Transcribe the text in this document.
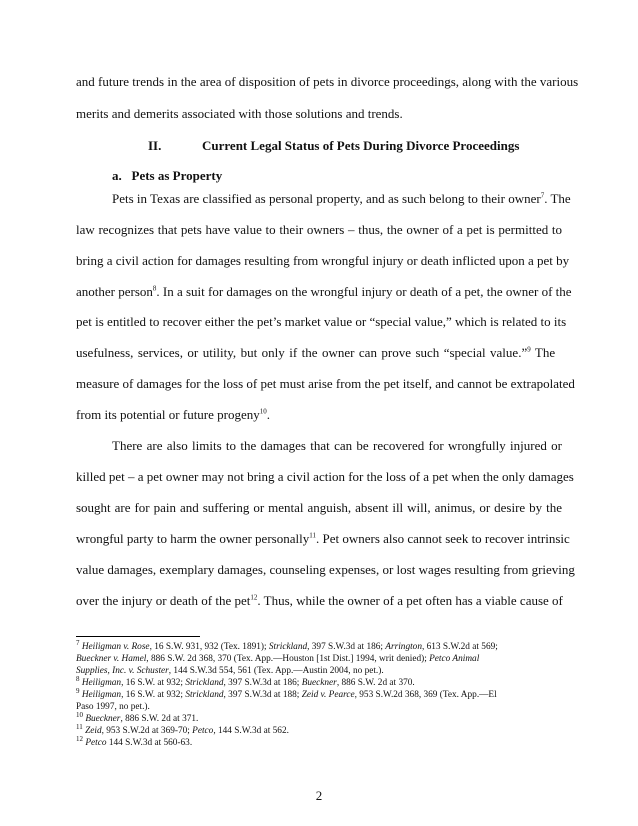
and future trends in the area of disposition of pets in divorce proceedings, along with the various
merits and demerits associated with those solutions and trends.
II.	Current Legal Status of Pets During Divorce Proceedings
a.   Pets as Property
Pets in Texas are classified as personal property, and as such belong to their owner$^7$. The
law recognizes that pets have value to their owners – thus, the owner of a pet is permitted to
bring a civil action for damages resulting from wrongful injury or death inflicted upon a pet by
another person$^8$. In a suit for damages on the wrongful injury or death of a pet, the owner of the
pet is entitled to recover either the pet’s market value or “special value,” which is related to its
usefulness, services, or utility, but only if the owner can prove such “special value.”$^9$ The
measure of damages for the loss of pet must arise from the pet itself, and cannot be extrapolated
from its potential or future progeny$^{10}$.
There are also limits to the damages that can be recovered for wrongfully injured or
killed pet – a pet owner may not bring a civil action for the loss of a pet when the only damages
sought are for pain and suffering or mental anguish, absent ill will, animus, or desire by the
wrongful party to harm the owner personally$^{11}$. Pet owners also cannot seek to recover intrinsic
value damages, exemplary damages, counseling expenses, or lost wages resulting from grieving
over the injury or death of the pet$^{12}$. Thus, while the owner of a pet often has a viable cause of
$^7$ Heiligman v. Rose, 16 S.W. 931, 932 (Tex. 1891); Strickland, 397 S.W.3d at 186; Arrington, 613 S.W.2d at 569;
Bueckner v. Hamel, 886 S.W. 2d 368, 370 (Tex. App.—Houston [1st Dist.] 1994, writ denied); Petco Animal
Supplies, Inc. v. Schuster, 144 S.W.3d 554, 561 (Tex. App.—Austin 2004, no pet.).
$^8$ Heiligman, 16 S.W. at 932; Strickland, 397 S.W.3d at 186; Bueckner, 886 S.W. 2d at 370.
$^9$ Heiligman, 16 S.W. at 932; Strickland, 397 S.W.3d at 188; Zeid v. Pearce, 953 S.W.2d 368, 369 (Tex. App.—El
Paso 1997, no pet.).
$^{10}$ Bueckner, 886 S.W. 2d at 371.
$^{11}$ Zeid, 953 S.W.2d at 369-70; Petco, 144 S.W.3d at 562.
$^{12}$ Petco 144 S.W.3d at 560-63.
2
